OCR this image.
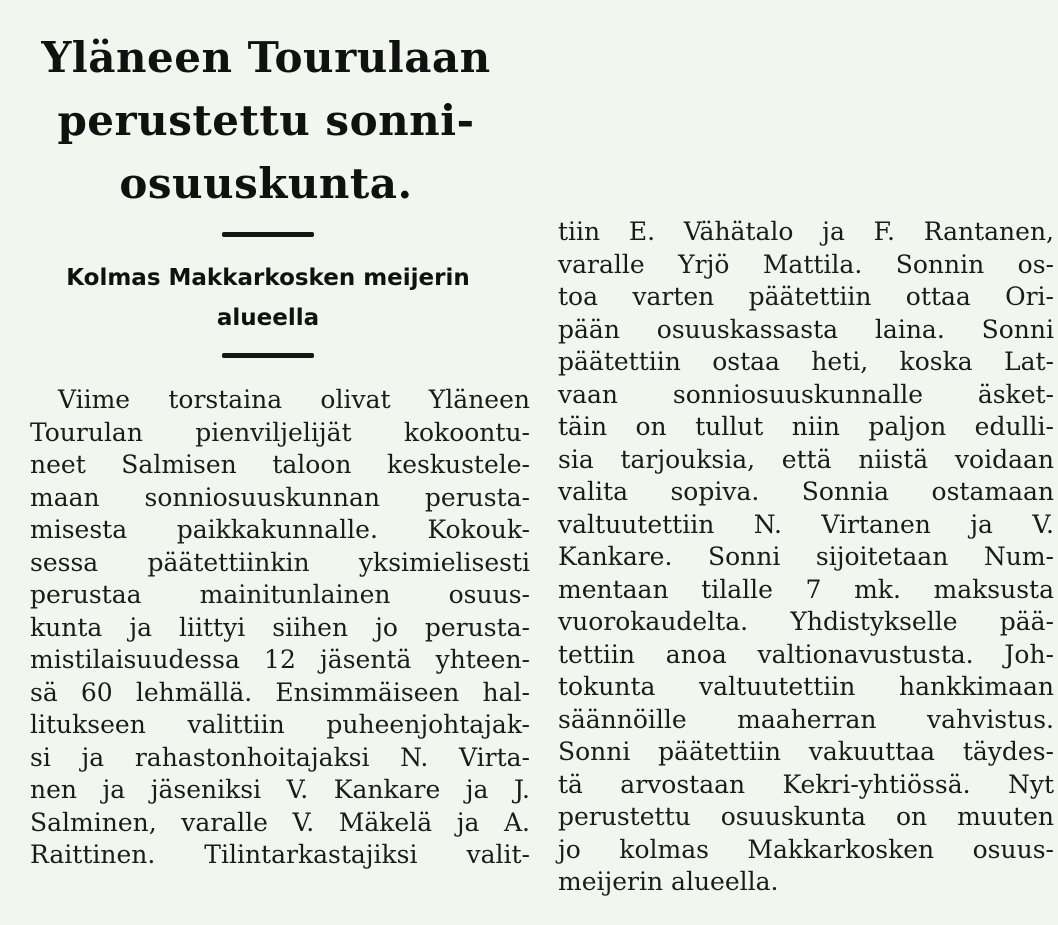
Yläneen Tourulaan
perustettu sonni-
osuuskunta.
Kolmas Makkarkosken meijerin
alueella
Viime torstaina olivat Yläneen
Tourulan pienviljelijät kokoontu-
neet Salmisen taloon keskustele-
maan sonniosuuskunnan perusta-
misesta paikkakunnalle. Kokouk-
sessa päätettiinkin yksimielisesti
perustaa mainitunlainen osuus-
kunta ja liittyi siihen jo perusta-
mistilaisuudessa 12 jäsentä yhteen-
sä 60 lehmällä. Ensimmäiseen hal-
litukseen valittiin puheenjohtajak-
si ja rahastonhoitajaksi N. Virta-
nen ja jäseniksi V. Kankare ja J.
Salminen, varalle V. Mäkelä ja A.
Raittinen. Tilintarkastajiksi valit-
tiin E. Vähätalo ja F. Rantanen,
varalle Yrjö Mattila. Sonnin os-
toa varten päätettiin ottaa Ori-
pään osuuskassasta laina. Sonni
päätettiin ostaa heti, koska Lat-
vaan sonniosuuskunnalle äsket-
täin on tullut niin paljon edulli-
sia tarjouksia, että niistä voidaan
valita sopiva. Sonnia ostamaan
valtuutettiin N. Virtanen ja V.
Kankare. Sonni sijoitetaan Num-
mentaan tilalle 7 mk. maksusta
vuorokaudelta. Yhdistykselle pää-
tettiin anoa valtionavustusta. Joh-
tokunta valtuutettiin hankkimaan
säännöille maaherran vahvistus.
Sonni päätettiin vakuuttaa täydes-
tä arvostaan Kekri-yhtiössä. Nyt
perustettu osuuskunta on muuten
jo kolmas Makkarkosken osuus-
meijerin alueella.
